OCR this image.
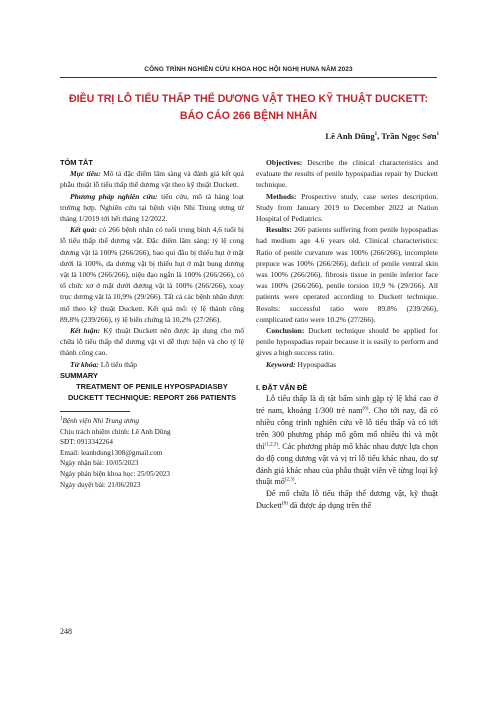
CÔNG TRÌNH NGHIÊN CỨU KHOA HỌC HỘI NGHỊ HUNA NĂM 2023
ĐIỀU TRỊ LỖ TIỂU THẤP THỂ DƯƠNG VẬT THEO KỸ THUẬT DUCKETT:
BÁO CÁO 266 BỆNH NHÂN
Lê Anh Dũng$^1$, Trần Ngọc Sơn$^1$

TÓM TẮT

Mục tiêu: Mô tả đặc điểm lâm sàng và đánh giá kết quả phẫu thuật lỗ tiểu thấp thể dương vật theo kỹ thuật Duckett.

Phương pháp nghiên cứu: tiến cứu, mô tả hàng loạt trường hợp. Nghiên cứu tại bệnh viện Nhi Trung ương từ tháng 1/2019 tới hết tháng 12/2022.

Kết quả: có 266 bệnh nhân có tuổi trung bình 4,6 tuổi bị lỗ tiểu thấp thể dương vật. Đặc điểm lâm sàng: tỷ lệ cong dương vật là 100% (266/266), bao qui đầu bị thiếu hụt ở mặt dưới là 100%, da dương vật bị thiếu hụt ở mặt bụng dương vật là 100% (266/266), niệu đạo ngắn là 100% (266/266), có tổ chức xơ ở mặt dưới dương vật là 100% (266/266), xoay trục dương vật là 10,9% (29/266). Tất cả các bệnh nhân được mổ theo kỹ thuật Duckett. Kết quả mổ: tỷ lệ thành công 89,8% (239/266), tỷ lệ biến chứng là 10,2% (27/266).

Kết luận: Kỹ thuật Duckett nên được áp dụng cho mổ chữa lỗ tiểu thấp thể dương vật vì dễ thực hiện và cho tỷ lệ thành công cao.

Từ khóa: Lỗ tiểu thấp

SUMMARY

TREATMENT OF PENILE HYPOSPADIASBY DUCKETT TECHNIQUE: REPORT 266 PATIENTS

$^1$Bệnh viện Nhi Trung ương
Chịu trách nhiệm chính: Lê Anh Dũng
SĐT: 0913342264
Email: leanhdung1308@gmail.com
Ngày nhận bài: 10/05/2023
Ngày phản biện khoa học: 25/05/2023
Ngày duyệt bài: 21/06/2023

Objectives: Describe the clinical characteristics and evaluate the results of penile hypospadias repair by Duckett technique.

Methods: Prospective study, case series description. Study from January 2019 to December 2022 at Nation Hospital of Pediatrics.

Results: 266 patients suffering from penile hypospadias had medium age 4.6 years old. Clinical characteristics: Ratio of penile curvature was 100% (266/266), incomplete prepuce was 100% (266/266), deficit of penile ventral skin was 100% (266/266), fibrosis tissue in penile inferior face was 100% (266/266), penile torsion 10,9 % (29/266). All patients were operated according to Duckett technique. Results: successful ratio were 89.8% (239/266), complicated ratio were 10.2% (27/266).

Conclusion: Duckett technique should be applied for penile hypospadias repair because it is easily to perform and gives a high success ratio.

Keyword: Hypospadias

I. ĐẶT VẤN ĐỀ

Lỗ tiểu thấp là dị tật bẩm sinh gặp tỷ lệ khá cao ở trẻ nam, khoảng 1/300 trẻ nam$^{(6)}$. Cho tới nay, đã có nhiều công trình nghiên cứu về lỗ tiểu thấp và có tới trên 300 phương pháp mổ gồm mổ nhiều thì và một thì$^{(1,2,3)}$. Các phương pháp mổ khác nhau được lựa chọn do độ cong dương vật và vị trí lỗ tiểu khác nhau, do sự đánh giá khác nhau của phẫu thuật viên về từng loại kỹ thuật mổ$^{(2,3)}$.

Để mổ chữa lỗ tiểu thấp thể dương vật, kỹ thuật Duckett$^{(8)}$ đã được áp dụng trên thế

248
